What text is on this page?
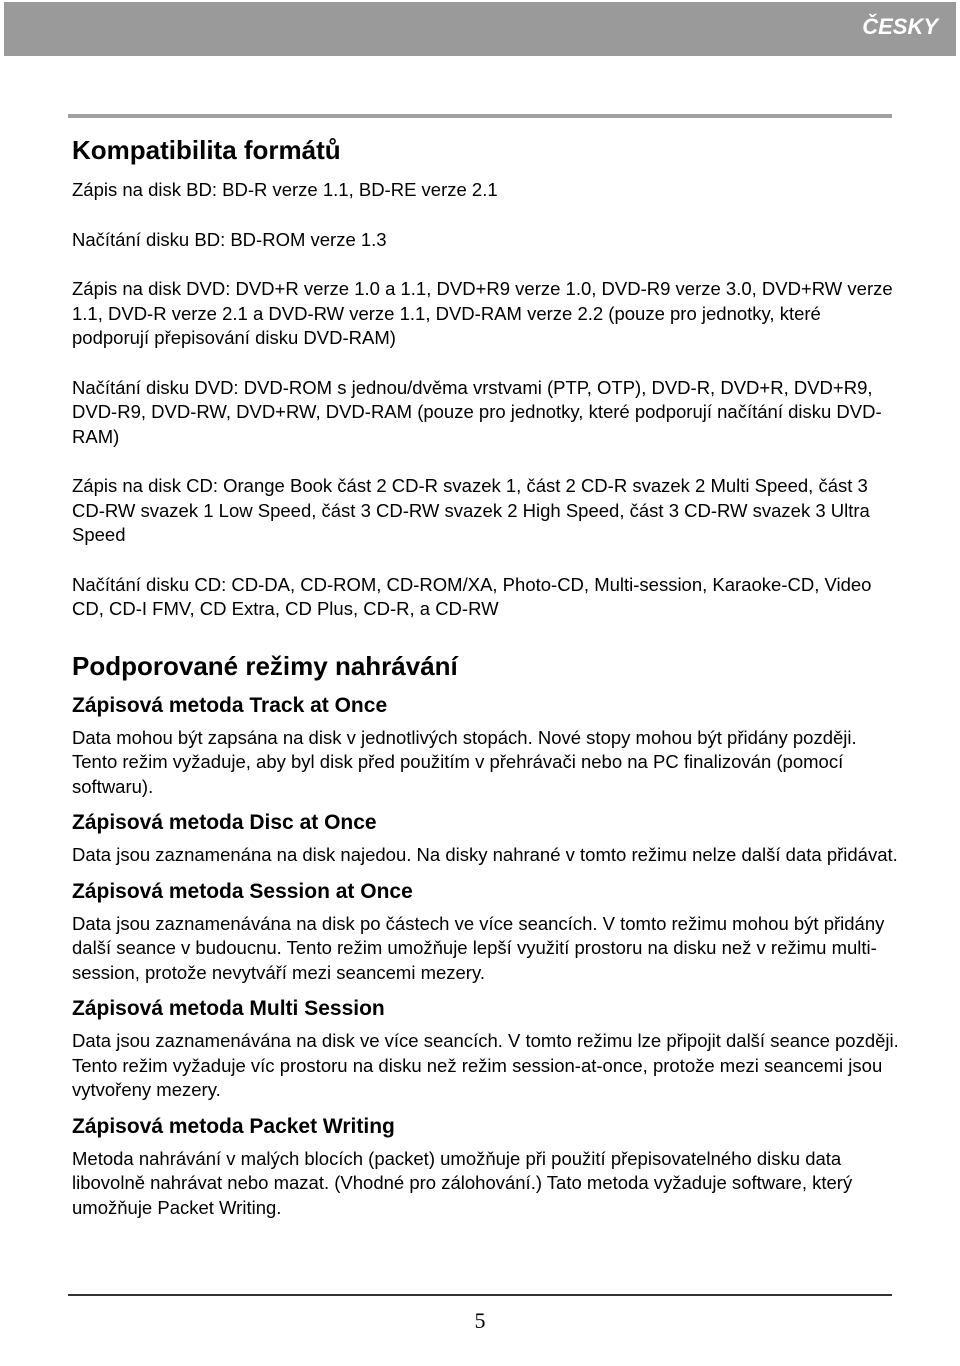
ČESKY
Kompatibilita formátů

Zápis na disk BD: BD-R verze 1.1, BD-RE verze 2.1

Načítání disku BD: BD-ROM verze 1.3

Zápis na disk DVD: DVD+R verze 1.0 a 1.1, DVD+R9 verze 1.0, DVD-R9 verze 3.0, DVD+RW verze 1.1, DVD-R verze 2.1 a DVD-RW verze 1.1, DVD-RAM verze 2.2 (pouze pro jednotky, které podporují přepisování disku DVD-RAM)

Načítání disku DVD: DVD-ROM s jednou/dvěma vrstvami (PTP, OTP), DVD-R, DVD+R, DVD+R9, DVD-R9, DVD-RW, DVD+RW, DVD-RAM (pouze pro jednotky, které podporují načítání disku DVD-RAM)

Zápis na disk CD: Orange Book část 2 CD-R svazek 1, část 2 CD-R svazek 2 Multi Speed, část 3 CD-RW svazek 1 Low Speed, část 3 CD-RW svazek 2 High Speed, část 3 CD-RW svazek 3 Ultra Speed

Načítání disku CD: CD-DA, CD-ROM, CD-ROM/XA, Photo-CD, Multi-session, Karaoke-CD, Video CD, CD-I FMV, CD Extra, CD Plus, CD-R, a CD-RW

Podporované režimy nahrávání
Zápisová metoda Track at Once

Data mohou být zapsána na disk v jednotlivých stopách. Nové stopy mohou být přidány později. Tento režim vyžaduje, aby byl disk před použitím v přehrávači nebo na PC finalizován (pomocí softwaru).

Zápisová metoda Disc at Once

Data jsou zaznamenána na disk najedou. Na disky nahrané v tomto režimu nelze další data přidávat.

Zápisová metoda Session at Once

Data jsou zaznamenávána na disk po částech ve více seancích. V tomto režimu mohou být přidány další seance v budoucnu. Tento režim umožňuje lepší využití prostoru na disku než v režimu multi-session, protože nevytváří mezi seancemi mezery.

Zápisová metoda Multi Session

Data jsou zaznamenávána na disk ve více seancích. V tomto režimu lze připojit další seance později. Tento režim vyžaduje víc prostoru na disku než režim session-at-once, protože mezi seancemi jsou vytvořeny mezery.

Zápisová metoda Packet Writing

Metoda nahrávání v malých blocích (packet) umožňuje při použití přepisovatelného disku data libovolně nahrávat nebo mazat. (Vhodné pro zálohování.) Tato metoda vyžaduje software, který umožňuje Packet Writing.

5
